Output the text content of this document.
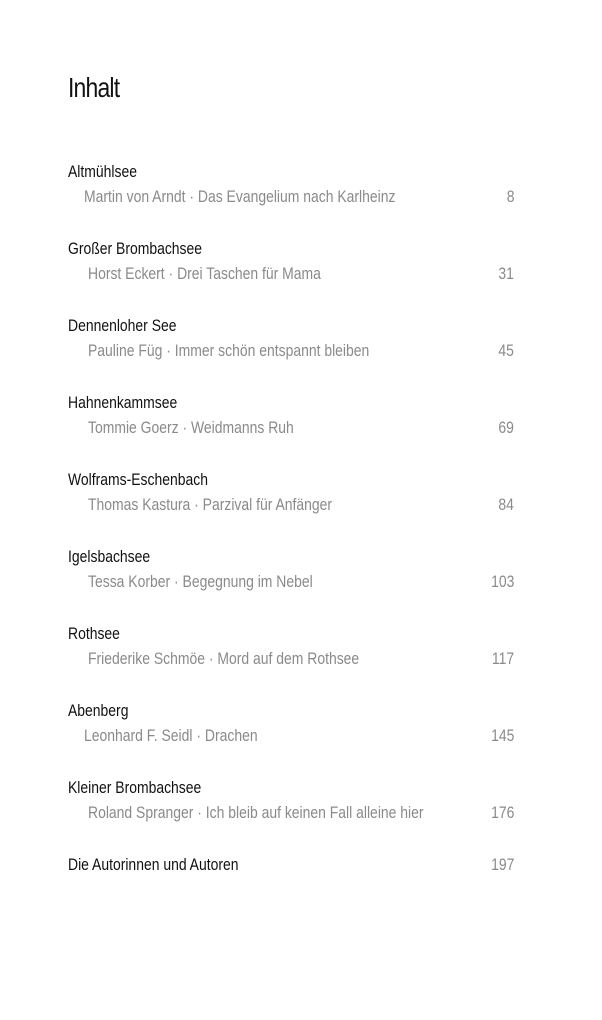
Inhalt
Altmühlsee
Martin von Arndt · Das Evangelium nach Karlheinz	8
Großer Brombachsee
Horst Eckert · Drei Taschen für Mama	31
Dennenloher See
Pauline Füg · Immer schön entspannt bleiben	45
Hahnenkammsee
Tommie Goerz · Weidmanns Ruh	69
Wolframs-Eschenbach
Thomas Kastura · Parzival für Anfänger	84
Igelsbachsee
Tessa Korber · Begegnung im Nebel	103
Rothsee
Friederike Schmöe · Mord auf dem Rothsee	117
Abenberg
Leonhard F. Seidl · Drachen	145
Kleiner Brombachsee
Roland Spranger · Ich bleib auf keinen Fall alleine hier	176
Die Autorinnen und Autoren	197
